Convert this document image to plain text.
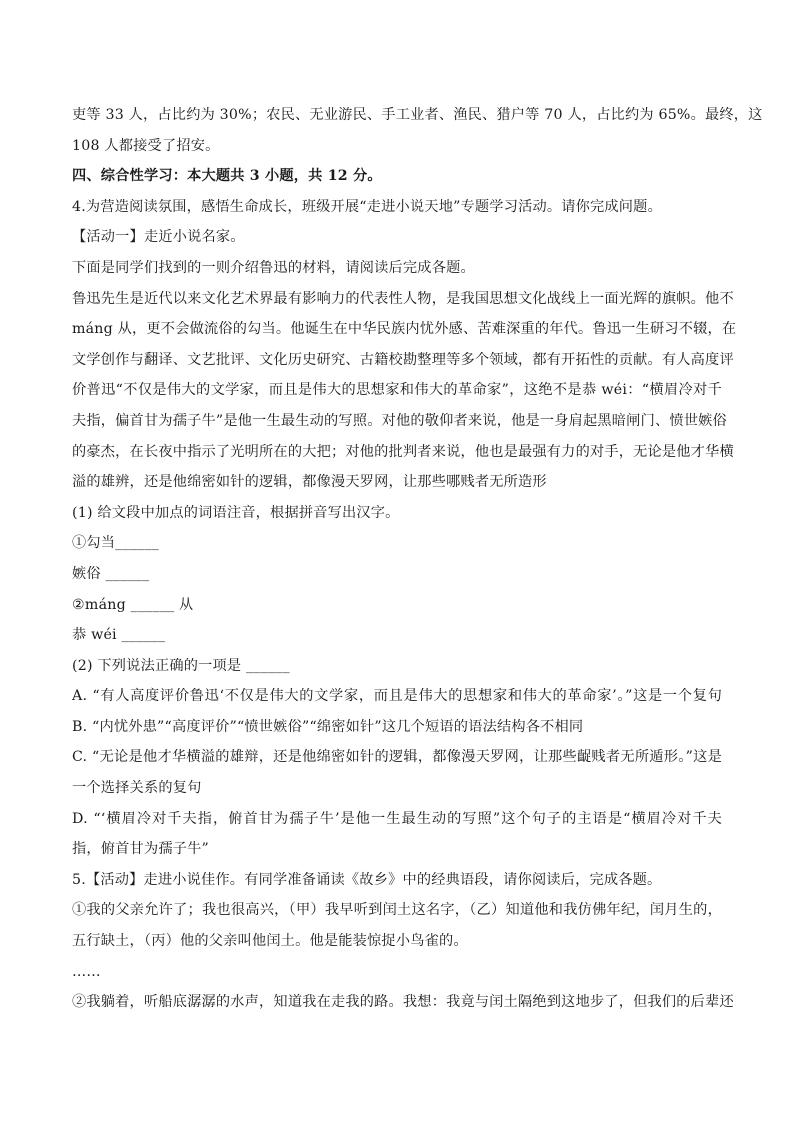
吏等 33 人，占比约为 30%；农民、无业游民、手工业者、渔民、猎户等 70 人，占比约为 65%。最终，这
108 人都接受了招安。
四、综合性学习：本大题共 3 小题，共 12 分。
4.为营造阅读氛围，感悟生命成长，班级开展“走进小说天地”专题学习活动。请你完成问题。
【活动一】走近小说名家。
下面是同学们找到的一则介绍鲁迅的材料，请阅读后完成各题。
鲁迅先生是近代以来文化艺术界最有影响力的代表性人物，是我国思想文化战线上一面光辉的旗帜。他不
máng 从，更不会做流俗的勾当。他诞生在中华民族内忧外感、苦难深重的年代。鲁迅一生研习不辍，在
文学创作与翻译、文艺批评、文化历史研究、古籍校勘整理等多个领域，都有开拓性的贡献。有人高度评
价普迅“不仅是伟大的文学家，而且是伟大的思想家和伟大的革命家”，这绝不是恭 wéi：“横眉冷对千
夫指，偏首甘为孺子牛”是他一生最生动的写照。对他的敬仰者来说，他是一身肩起黑暗闸门、愤世嫉俗
的豪杰，在长夜中指示了光明所在的大把；对他的批判者来说，他也是最强有力的对手，无论是他才华横
溢的雄辨，还是他绵密如针的逻辑，都像漫天罗网，让那些哪贱者无所造形
(1) 给文段中加点的词语注音，根据拼音写出汉字。
①勾当______
嫉俗 ______
②máng ______ 从
恭 wéi ______
(2) 下列说法正确的一项是 ______
A. “有人高度评价鲁迅‘不仅是伟大的文学家，而且是伟大的思想家和伟大的革命家’。”这是一个复句
B. “内忧外患”“高度评价”“愤世嫉俗”“绵密如针”这几个短语的语法结构各不相同
C. “无论是他才华横溢的雄辩，还是他绵密如针的逻辑，都像漫天罗网，让那些齪贱者无所遁形。”这是
一个选择关系的复句
D. “‘横眉冷对千夫指，俯首甘为孺子牛’是他一生最生动的写照”这个句子的主语是“横眉冷对千夫
指，俯首甘为孺子牛”
5.【活动】走进小说佳作。有同学准备诵读《故乡》中的经典语段，请你阅读后，完成各题。
①我的父亲允许了；我也很高兴，（甲）我早听到闰土这名字，（乙）知道他和我仿佛年纪，闰月生的，
五行缺土，（丙）他的父亲叫他闰土。他是能装惊捉小鸟雀的。
……
②我躺着，听船底潺潺的水声，知道我在走我的路。我想：我竟与闰土隔绝到这地步了，但我们的后辈还
